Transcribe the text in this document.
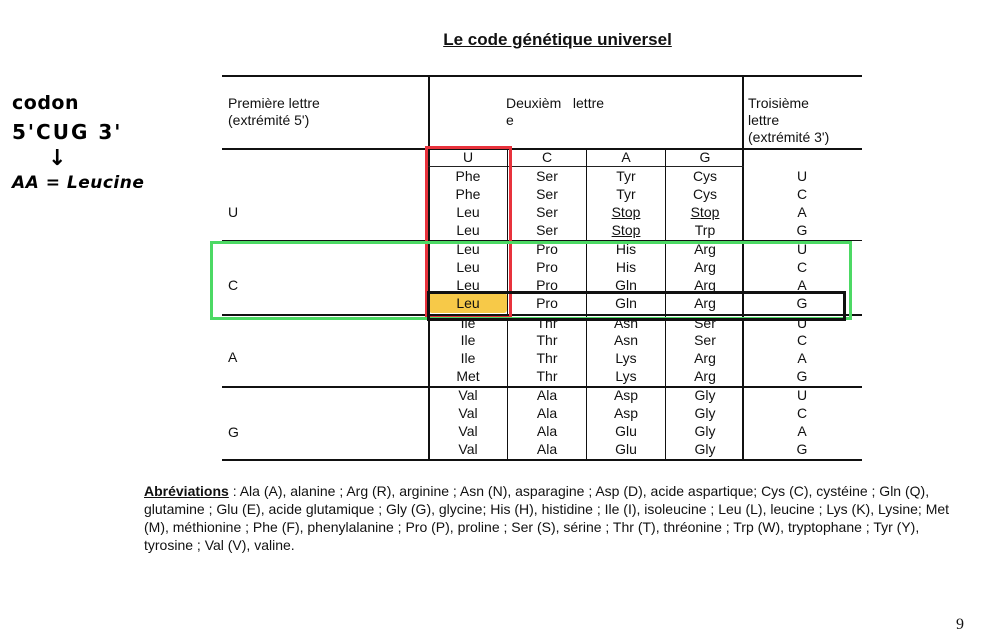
codon
5'CUG 3'
↓
AA = Leucine
Le code génétique universel
Première lettre
(extrémité 5')
Deuxièm   lettre
e
Troisième
lettre
(extrémité 3')
U	C	A	G
U
C
A
G
Phe	Ser	Tyr	Cys	U
Phe	Ser	Tyr	Cys	C
Leu	Ser	Stop	Stop	A
Leu	Ser	Stop	Trp	G
Leu	Pro	His	Arg	U
Leu	Pro	His	Arg	C
Leu	Pro	Gln	Arg	A
Leu	Pro	Gln	Arg	G
Ile	Thr	Asn	Ser	U
Ile	Thr	Asn	Ser	C
Ile	Thr	Lys	Arg	A
Met	Thr	Lys	Arg	G
Val	Ala	Asp	Gly	U
Val	Ala	Asp	Gly	C
Val	Ala	Glu	Gly	A
Val	Ala	Glu	Gly	G
Abréviations : Ala (A), alanine ; Arg (R), arginine ; Asn (N), asparagine ; Asp (D), acide aspartique; Cys (C), cystéine ; Gln (Q), glutamine ; Glu (E), acide glutamique ; Gly (G), glycine; His (H), histidine ; Ile (I), isoleucine ; Leu (L), leucine ; Lys (K), Lysine; Met (M), méthionine ; Phe (F), phenylalanine ; Pro (P), proline ; Ser (S), sérine ; Thr (T), thréonine ; Trp (W), tryptophane ; Tyr (Y), tyrosine ; Val (V), valine.
9
